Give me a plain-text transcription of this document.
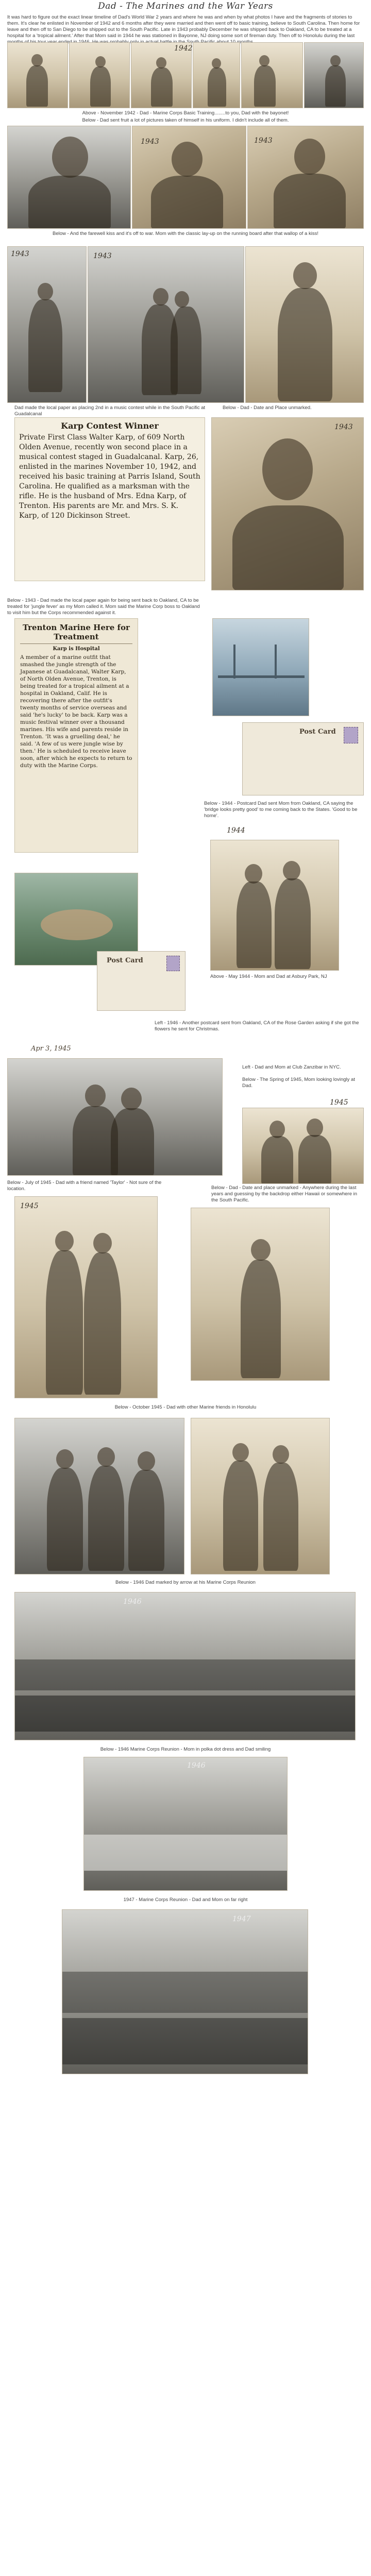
Dad - The Marines and the War Years
It was hard to figure out the exact linear timeline of Dad's World War 2 years and where he was and when by what photos I have and the fragments of stories to them. It's clear he enlisted in November of 1942 and 6 months after they were married and then went off to basic training, believe to South Carolina. Then home for leave and then off to San Diego to be shipped out to the South Pacific. Late in 1943 probably December he was shipped back to Oakland, CA to be treated at a hospital for a 'tropical ailment.' After that Mom said in 1944 he was stationed in Bayonne, NJ doing some sort of fireman duty. Then off to Honolulu during the last
1942
Above - November 1942 - Dad - Marine Corps Basic Training........to you, Dad with the bayonet!
Below - Dad sent fruit a lot of pictures taken of himself in his uniform. I didn't include all of them.
1943	1943
Below - And the farewell kiss and it's off to war. Mom with the classic lay-up on the running board after that wallop of a kiss!
1943	1943
Dad made the local paper as placing 2nd in a music contest while in the South Pacific at Guadalcanal
Below - Dad - Date and Place unmarked.
Karp Contest Winner

Private First Class Walter Karp, of 609 North Olden Avenue, recently won second place in a musical contest staged in Guadalcanal. Karp, 26, enlisted in the marines November 10, 1942, and received his basic training at Parris Island, South Carolina. He qualified as a marksman with the rifle. He is the husband of Mrs. Edna Karp, of Trenton. His parents are Mr. and Mrs. S. K. Karp, of 120 Dickinson Street.

1943
Below - 1943 - Dad made the local paper again for being sent back to Oakland, CA to be treated for 'jungle fever' as my Mom called it. Mom said the Marine Corp boss to Oakland to visit him but the Corps recommended against it.
Trenton Marine Here for Treatment
Karp is Hospital

A member of a marine outfit that smashed the jungle strength of the Japanese at Guadalcanal, Walter Karp, of North Olden Avenue, Trenton, is being treated for a tropical ailment at a hospital in Oakland, Calif. He is recovering there after the outfit's twenty months of service overseas and said 'he's lucky' to be back. Karp was a music festival winner over a thousand marines. His wife and parents reside in Trenton. 'It was a gruelling deal,' he said. 'A few of us were jungle wise by then.' He is scheduled to receive leave soon, after which he expects to return to duty with the Marine Corps.

Post Card
Below - 1944 - Postcard Dad sent Mom from Oakland, CA saying the 'bridge looks pretty good' to me coming back to the States. 'Good to be home'.
1944
Above - May 1944 - Mom and Dad at Asbury Park, NJ
Post Card
Left - 1946 - Another postcard sent from Oakland, CA of the Rose Garden asking if she got the flowers he sent for Christmas.
Apr 3, 1945
Left - Dad and Mom at Club Zanzibar in NYC.
Below - The Spring of 1945, Mom looking lovingly at Dad.
1945
Below - July of 1945 - Dad with a friend named 'Taylor' - Not sure of the location.	Below - Dad - Date and place unmarked - Anywhere during the last years and guessing by the backdrop either Hawaii or somewhere in the South Pacific.
1945
Below - October 1945 - Dad with other Marine friends in Honolulu
Below - 1946 Dad marked by arrow at his Marine Corps Reunion
1946
Below - 1946 Marine Corps Reunion - Mom in polka dot dress and Dad smiling
1946
1947 - Marine Corps Reunion - Dad and Mom on far right
1947
